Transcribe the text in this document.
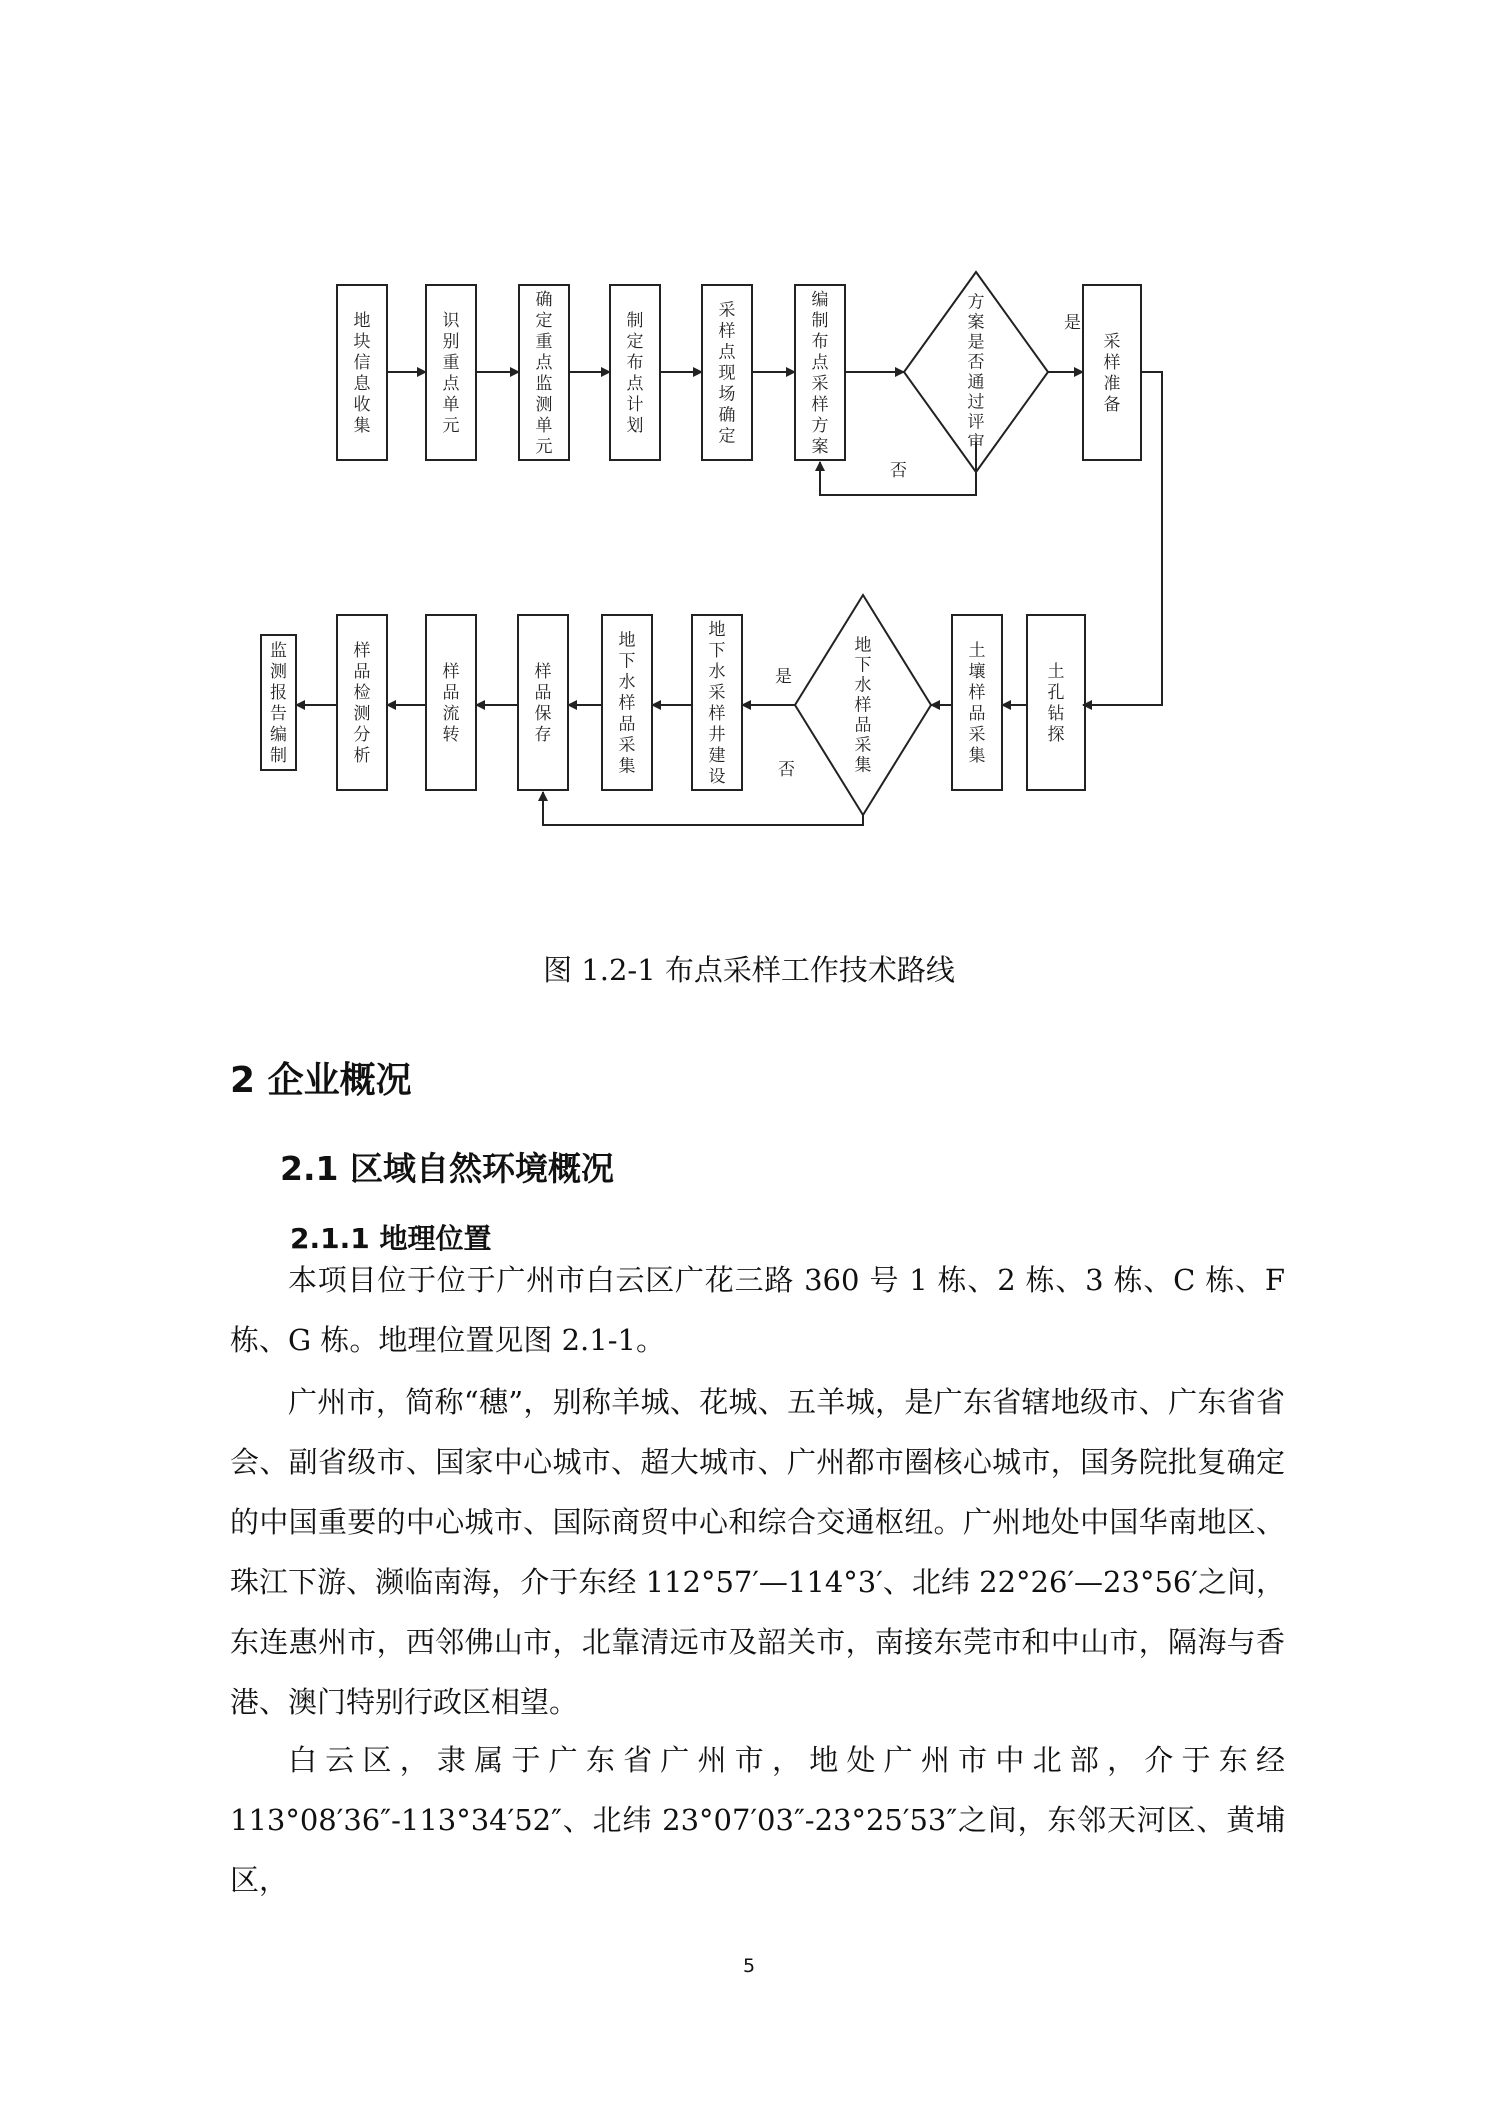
地块信息收集
识别重点单元
确定重点监测单元
制定布点计划
采样点现场确定
编制布点采样方案
方案是否通过评审
采样准备
是
否
土孔钻探
土壤样品采集
地下水样品采集
是
否
地下水采样井建设
地下水样品采集
样品保存
样品流转
样品检测分析
监测报告编制
图 1.2-1 布点采样工作技术路线
2 企业概况
2.1 区域自然环境概况
2.1.1 地理位置

本项目位于位于广州市白云区广花三路 360 号 1 栋、2 栋、3 栋、C 栋、F 栋、G 栋。地理位置见图 2.1-1。

广州市，简称“穗”，别称羊城、花城、五羊城，是广东省辖地级市、广东省省会、副省级市、国家中心城市、超大城市、广州都市圈核心城市，国务院批复确定的中国重要的中心城市、国际商贸中心和综合交通枢纽。广州地处中国华南地区、珠江下游、濒临南海，介于东经 112°57′—114°3′、北纬 22°26′—23°56′之间，东连惠州市，西邻佛山市，北靠清远市及韶关市，南接东莞市和中山市，隔海与香港、澳门特别行政区相望。

白云区，隶属于广东省广州市，地处广州市中北部，介于东经 113°08′36″-113°34′52″、北纬 23°07′03″-23°25′53″之间，东邻天河区、黄埔区，

5
